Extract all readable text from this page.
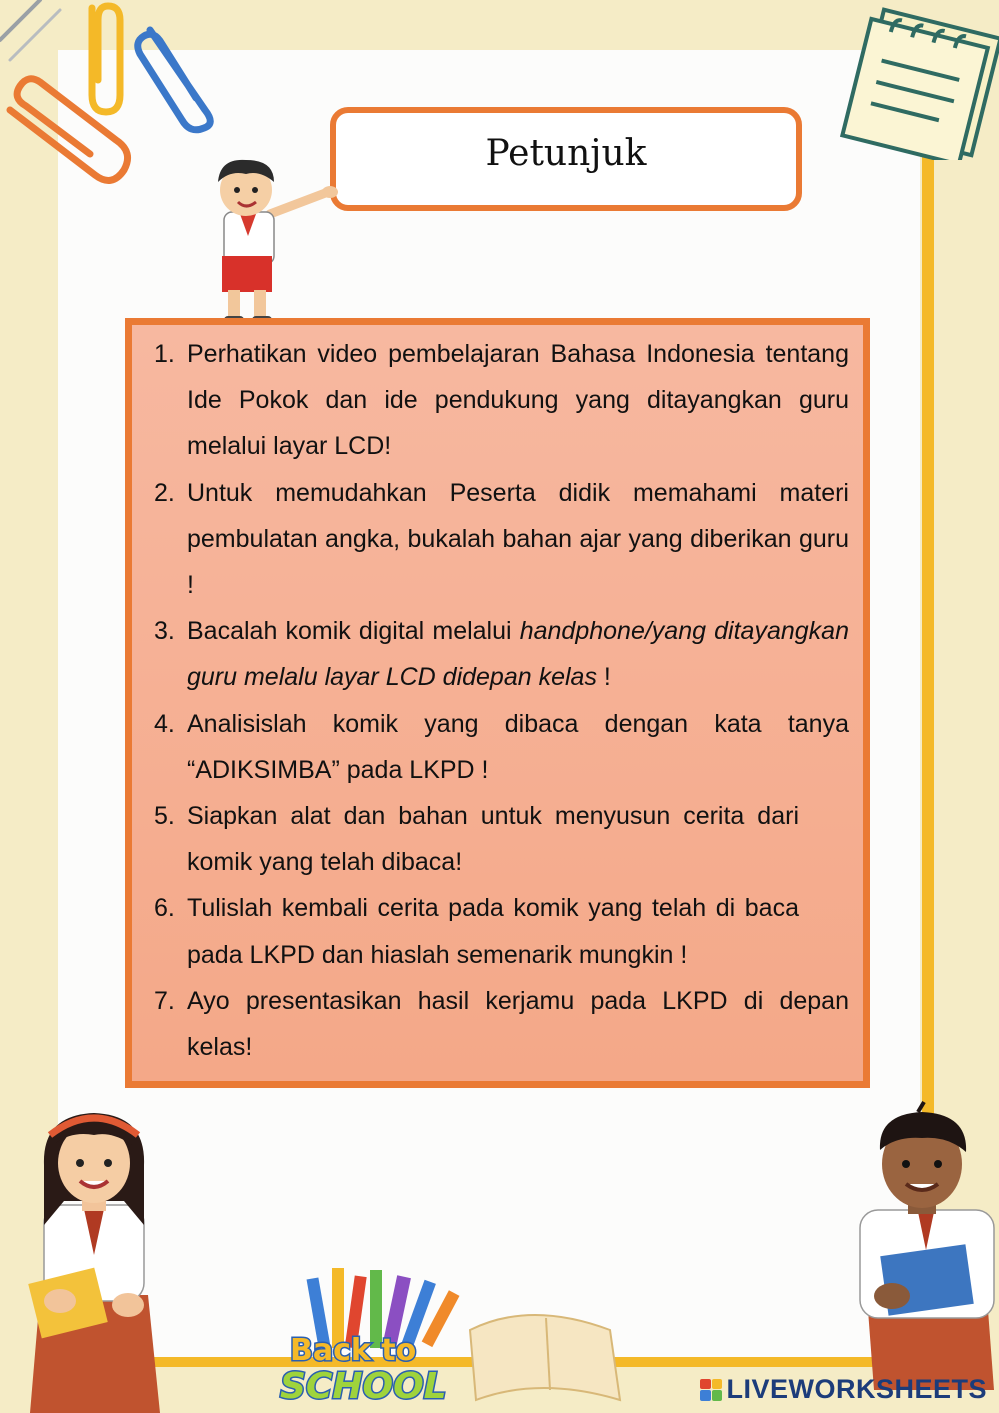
Petunjuk
1. Perhatikan video pembelajaran Bahasa Indonesia tentang Ide Pokok dan ide pendukung yang ditayangkan guru melalui layar LCD!
2. Untuk memudahkan Peserta didik memahami materi pembulatan angka, bukalah bahan ajar yang diberikan guru !
3. Bacalah komik digital melalui handphone/yang ditayangkan guru melalu layar LCD didepan kelas !
4. Analisislah komik yang dibaca dengan kata tanya “ADIKSIMBA” pada LKPD !
5. Siapkan alat dan bahan untuk menyusun cerita dari komik yang telah dibaca!
6. Tulislah kembali cerita pada komik yang telah di baca pada LKPD dan hiaslah semenarik mungkin !
7. Ayo presentasikan hasil kerjamu pada LKPD di depan kelas!
Back to
SCHOOL	LIVEWORKSHEETS
